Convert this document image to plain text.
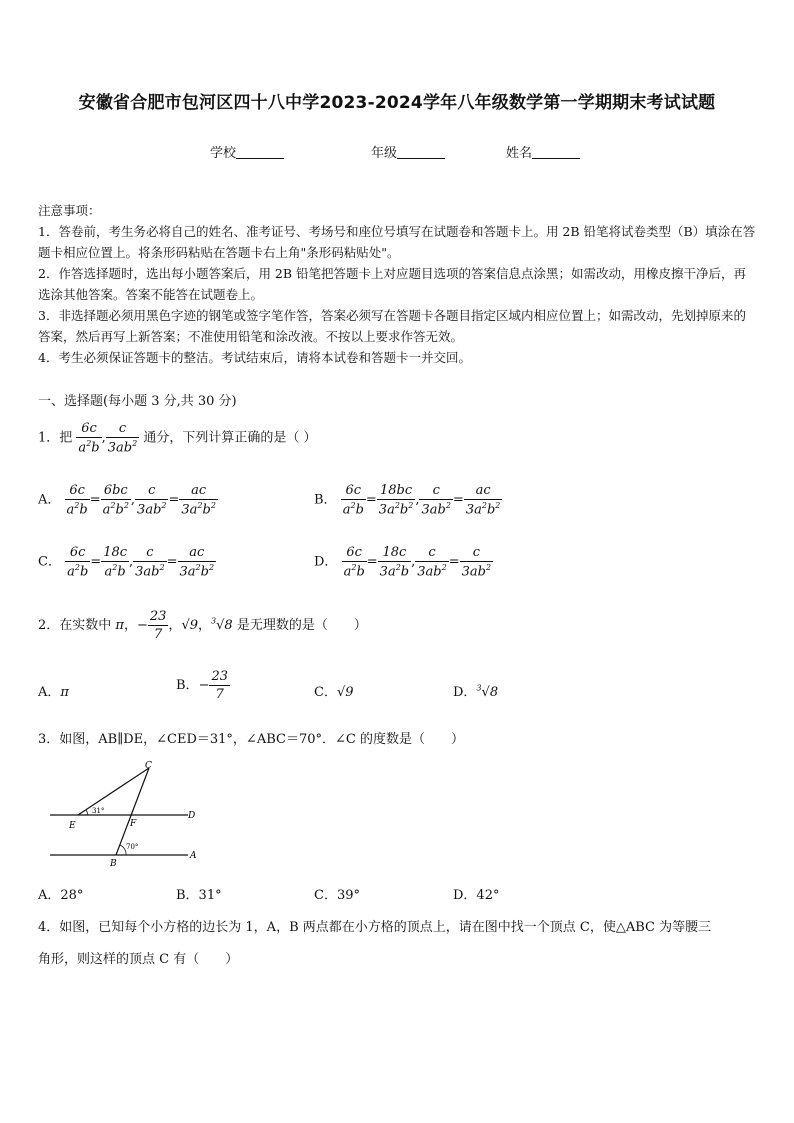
安徽省合肥市包河区四十八中学2023-2024学年八年级数学第一学期期末考试试题
学校	年级	姓名

注意事项：

1．答卷前，考生务必将自己的姓名、准考证号、考场号和座位号填写在试题卷和答题卡上。用 2B 铅笔将试卷类型（B）填涂在答题卡相应位置上。将条形码粘贴在答题卡右上角"条形码粘贴处"。

2．作答选择题时，选出每小题答案后，用 2B 铅笔把答题卡上对应题目选项的答案信息点涂黑；如需改动，用橡皮擦干净后，再选涂其他答案。答案不能答在试题卷上。

3．非选择题必须用黑色字迹的钢笔或签字笔作答，答案必须写在答题卡各题目指定区域内相应位置上；如需改动，先划掉原来的答案，然后再写上新答案；不准使用铅笔和涂改液。不按以上要求作答无效。

4．考生必须保证答题卡的整洁。考试结束后，请将本试卷和答题卡一并交回。

一、选择题(每小题 3 分,共 30 分)
1．把 $\frac{6c}{a^2b}$ , $\frac{c}{3ab^2}$ 通分，下列计算正确的是（ ）
A． $\frac{6c}{a^2b} = \frac{6bc}{a^2b^2}$ , $\frac{c}{3ab^2} = \frac{ac}{3a^2b^2}$	B． $\frac{6c}{a^2b} = \frac{18bc}{3a^2b^2}$ , $\frac{c}{3ab^2} = \frac{ac}{3a^2b^2}$
C． $\frac{6c}{a^2b} = \frac{18c}{a^2b}$ , $\frac{c}{3ab^2} = \frac{ac}{3a^2b^2}$	D． $\frac{6c}{a^2b} = \frac{18c}{3a^2b}$ , $\frac{c}{3ab^2} = \frac{c}{3ab^2}$
2．在实数中 π，− $\frac{23}{7}$ ，√9，$^3$√8 是无理数的是（　　）
A．π	B．− $\frac{23}{7}$	C．√9	D．$^3$√8
3．如图，AB∥DE，∠CED＝31°，∠ABC＝70°．∠C 的度数是（　　）
C
D
E	F
B
A
31°
70°
A．28°	B．31°	C．39°	D．42°
4．如图，已知每个小方格的边长为 1，A，B 两点都在小方格的顶点上，请在图中找一个顶点 C，使△ABC 为等腰三
角形，则这样的顶点 C 有（　　）
